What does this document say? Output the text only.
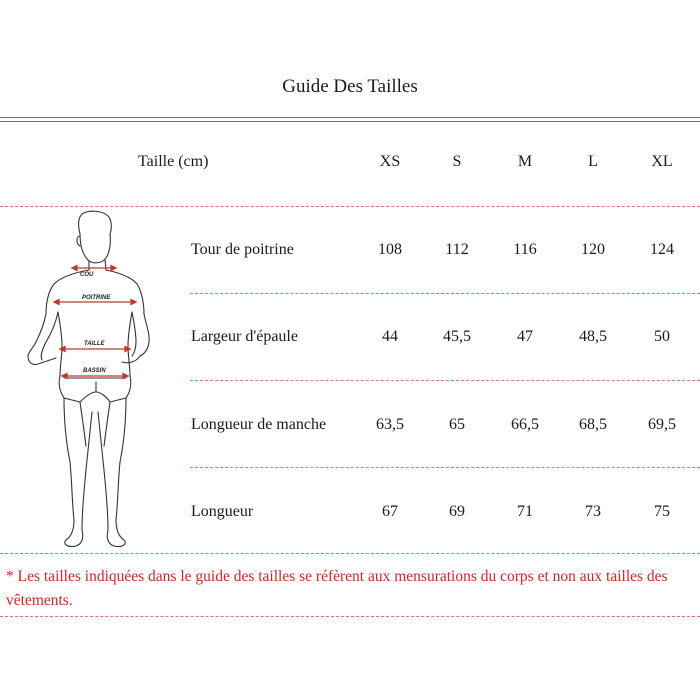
Guide Des Tailles
Taille (cm)	XS	S	M	L	XL
Tour de poitrine	108	112	116	120	124
Largeur d'épaule	44	45,5	47	48,5	50
Longueur de manche	63,5	65	66,5	68,5	69,5
Longueur	67	69	71	73	75
COU
POITRINE
TAILLE
BASSIN
* Les tailles indiquées dans le guide des tailles se réfèrent aux mensurations du corps et non aux tailles des vêtements.
